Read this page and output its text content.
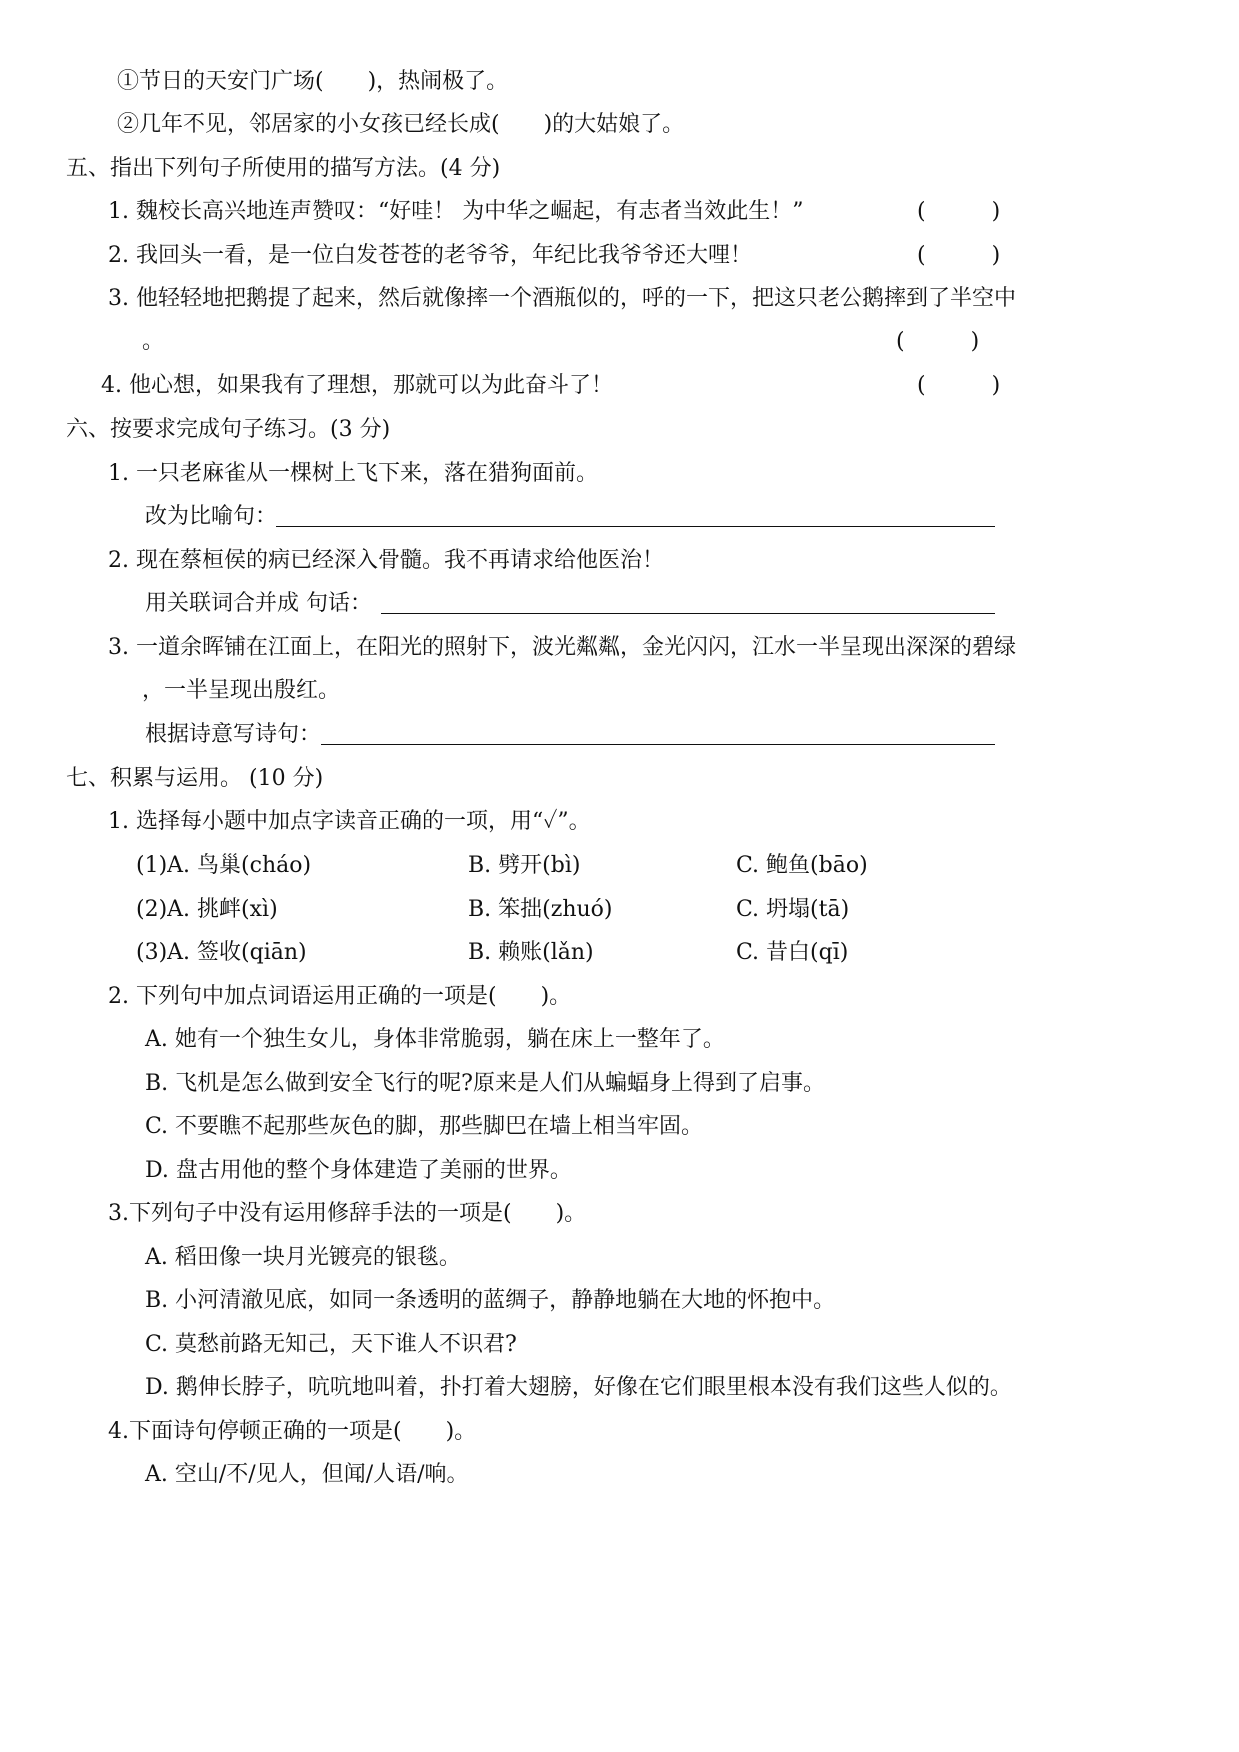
①节日的天安门广场(　　)，热闹极了。
②几年不见，邻居家的小女孩已经长成(　　)的大姑娘了。
五、指出下列句子所使用的描写方法。(4 分)
1. 魏校长高兴地连声赞叹：“好哇！ 为中华之崛起，有志者当效此生！”	(　　　)
2. 我回头一看，是一位白发苍苍的老爷爷，年纪比我爷爷还大哩！	(　　　)
3. 他轻轻地把鹅提了起来，然后就像摔一个酒瓶似的，呼的一下，把这只老公鹅摔到了半空中
。	(　　　)
4. 他心想，如果我有了理想，那就可以为此奋斗了！	(　　　)
六、按要求完成句子练习。(3 分)
1. 一只老麻雀从一棵树上飞下来，落在猎狗面前。
改为比喻句：
2. 现在蔡桓侯的病已经深入骨髓。我不再请求给他医治！
用关联词合并成 句话：
3. 一道余晖铺在江面上，在阳光的照射下，波光粼粼，金光闪闪，江水一半呈现出深深的碧绿
，一半呈现出殷红。
根据诗意写诗句：
七、积累与运用。 (10 分)
1. 选择每小题中加点字读音正确的一项，用“✓”。
(1)A. 鸟巢(cháo)	B. 劈开(bì)	C. 鲍鱼(bāo)
(2)A. 挑衅(xì)	B. 笨拙(zhuó)	C. 坍塌(tā)
(3)A. 签收(qiān)	B. 赖账(lǎn)	C. 昔白(qī)
2. 下列句中加点词语运用正确的一项是(　　)。
A. 她有一个独生女儿，身体非常脆弱，躺在床上一整年了。
B. 飞机是怎么做到安全飞行的呢?原来是人们从蝙蝠身上得到了启事。
C. 不要瞧不起那些灰色的脚，那些脚巴在墙上相当牢固。
D. 盘古用他的整个身体建造了美丽的世界。
3.下列句子中没有运用修辞手法的一项是(　　)。
A. 稻田像一块月光镀亮的银毯。
B. 小河清澈见底，如同一条透明的蓝绸子，静静地躺在大地的怀抱中。
C. 莫愁前路无知己，天下谁人不识君?
D. 鹅伸长脖子，吭吭地叫着，扑打着大翅膀，好像在它们眼里根本没有我们这些人似的。
4.下面诗句停顿正确的一项是(　　)。
A. 空山/不/见人，但闻/人语/响。
